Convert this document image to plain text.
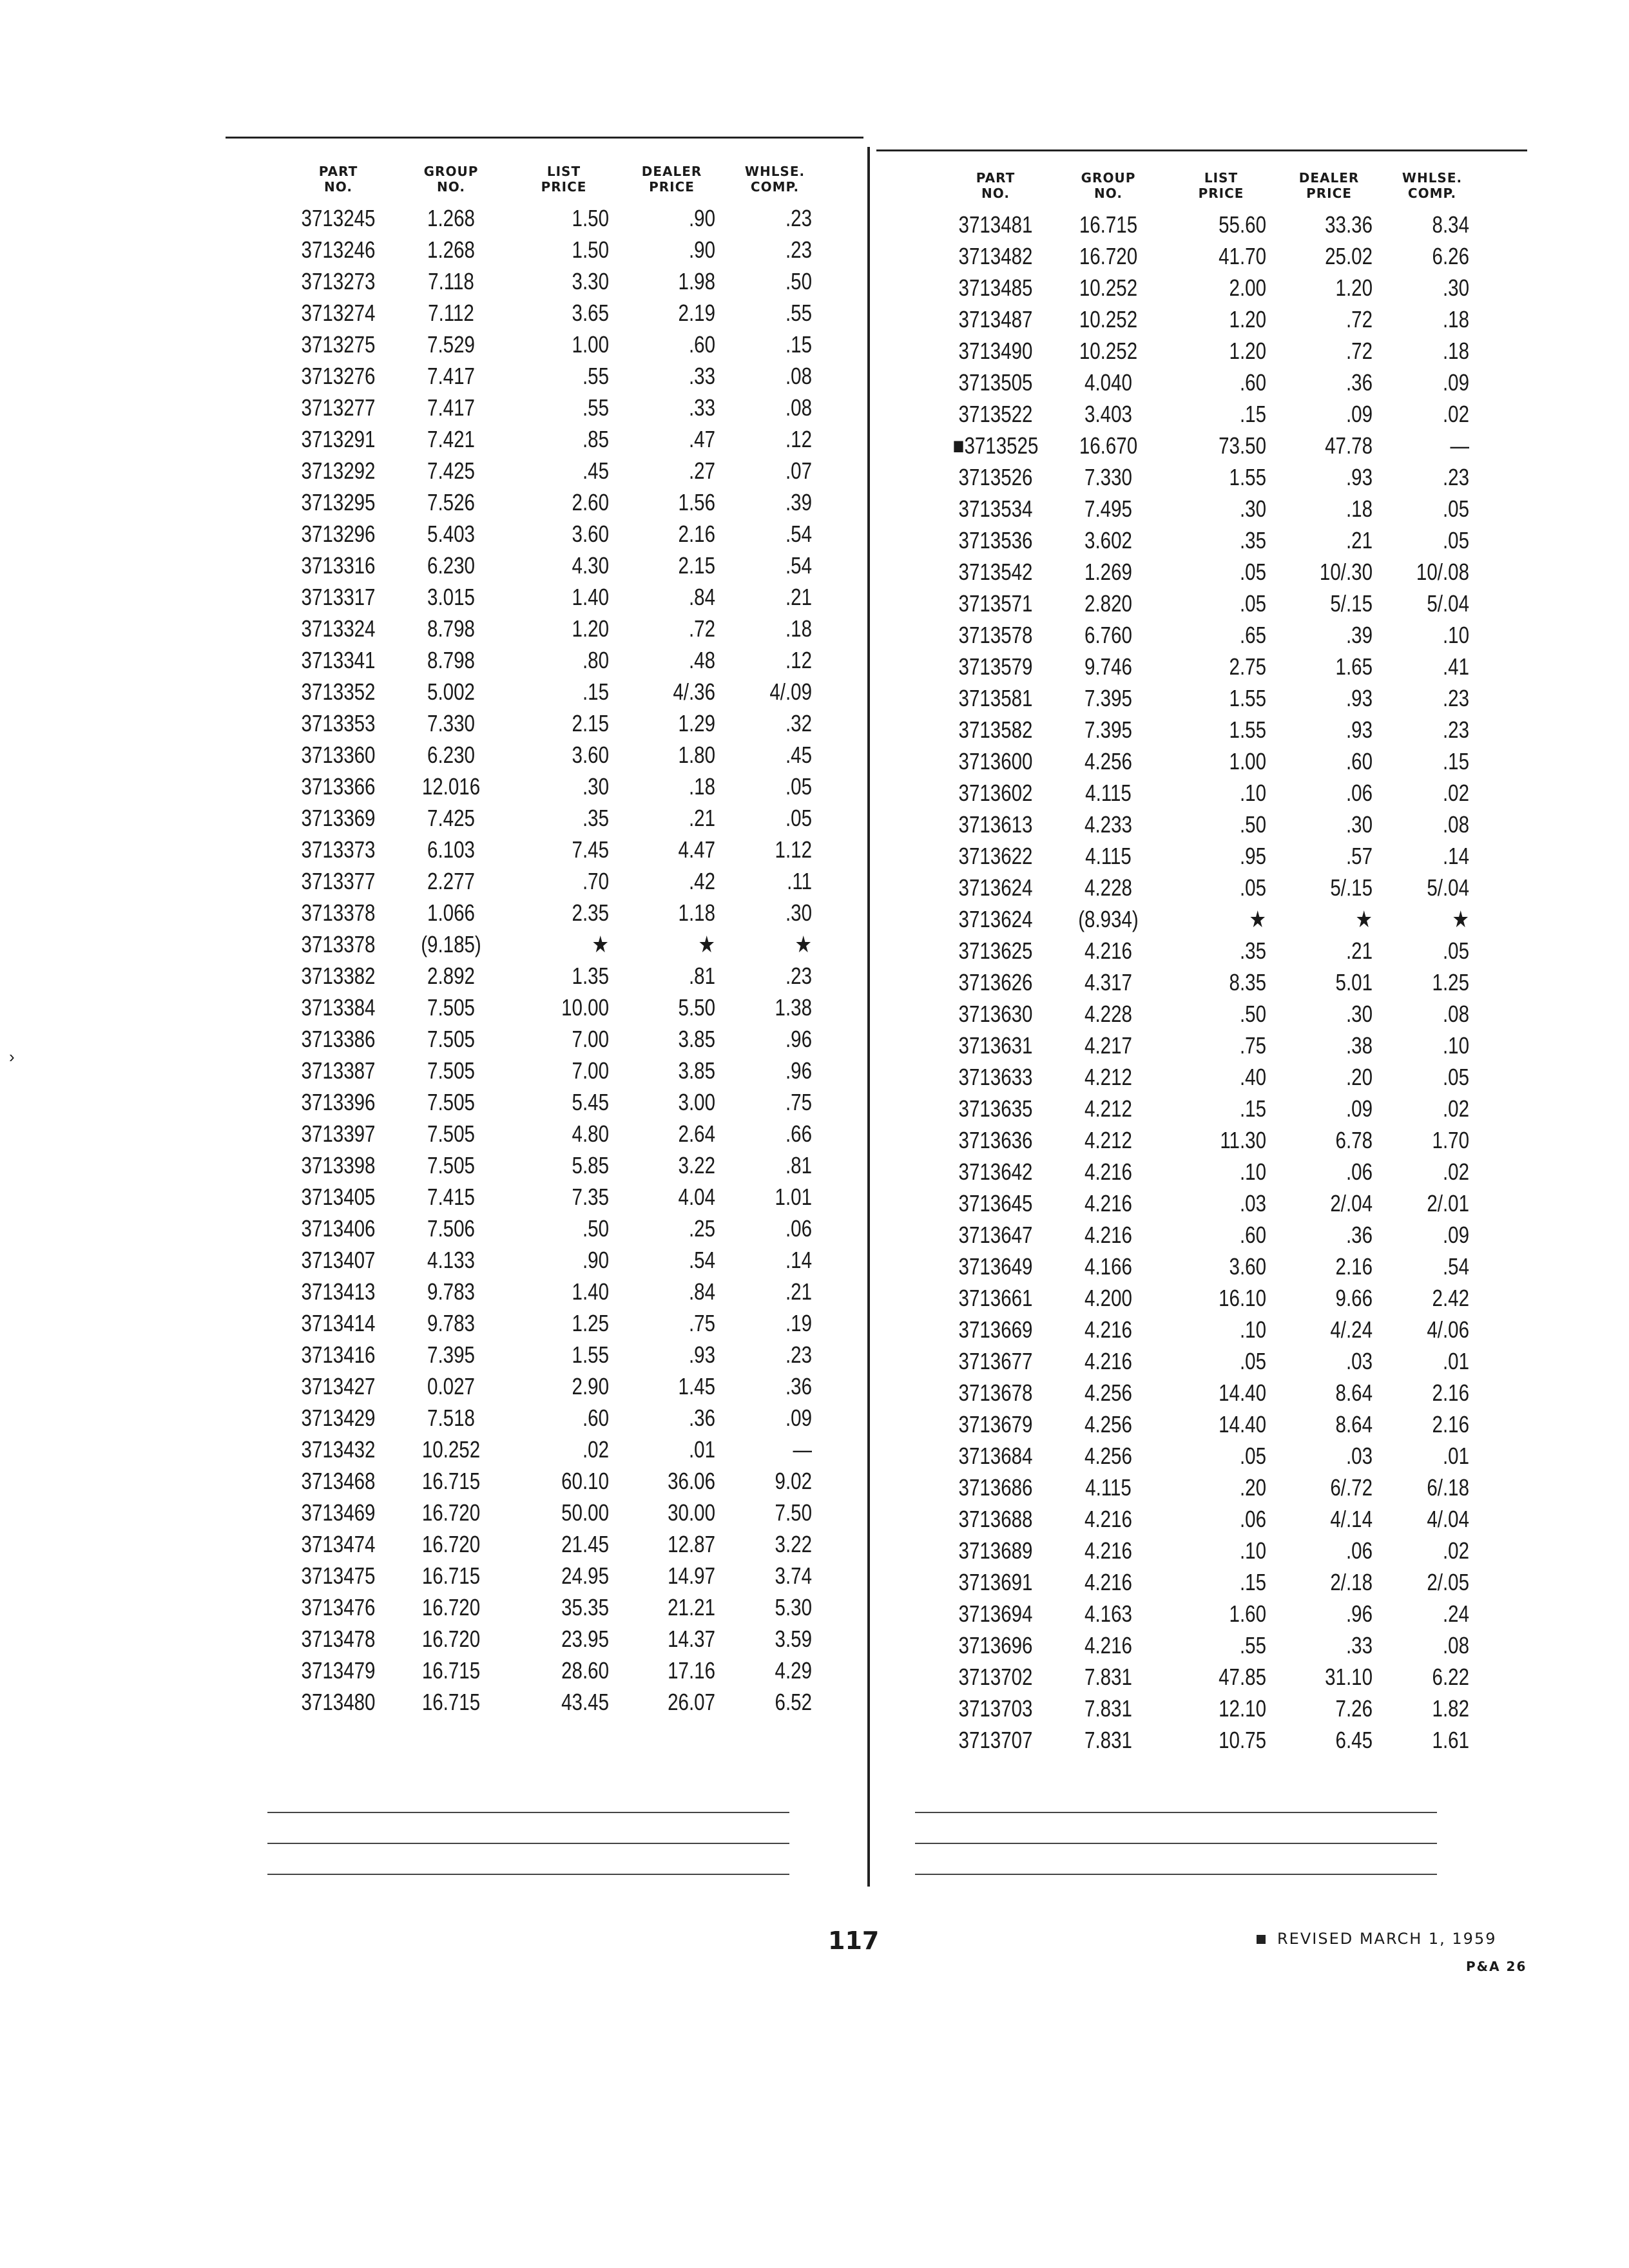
›
PART
NO.
GROUP
NO.
LIST
PRICE
DEALER
PRICE
WHLSE.
COMP.
3713245	1.268	1.50	.90	.23
3713246	1.268	1.50	.90	.23
3713273	7.118	3.30	1.98	.50
3713274	7.112	3.65	2.19	.55
3713275	7.529	1.00	.60	.15
3713276	7.417	.55	.33	.08
3713277	7.417	.55	.33	.08
3713291	7.421	.85	.47	.12
3713292	7.425	.45	.27	.07
3713295	7.526	2.60	1.56	.39
3713296	5.403	3.60	2.16	.54
3713316	6.230	4.30	2.15	.54
3713317	3.015	1.40	.84	.21
3713324	8.798	1.20	.72	.18
3713341	8.798	.80	.48	.12
3713352	5.002	.15	4/.36	4/.09
3713353	7.330	2.15	1.29	.32
3713360	6.230	3.60	1.80	.45
3713366	12.016	.30	.18	.05
3713369	7.425	.35	.21	.05
3713373	6.103	7.45	4.47	1.12
3713377	2.277	.70	.42	.11
3713378	1.066	2.35	1.18	.30
3713378	(9.185)	★	★	★
3713382	2.892	1.35	.81	.23
3713384	7.505	10.00	5.50	1.38
3713386	7.505	7.00	3.85	.96
3713387	7.505	7.00	3.85	.96
3713396	7.505	5.45	3.00	.75
3713397	7.505	4.80	2.64	.66
3713398	7.505	5.85	3.22	.81
3713405	7.415	7.35	4.04	1.01
3713406	7.506	.50	.25	.06
3713407	4.133	.90	.54	.14
3713413	9.783	1.40	.84	.21
3713414	9.783	1.25	.75	.19
3713416	7.395	1.55	.93	.23
3713427	0.027	2.90	1.45	.36
3713429	7.518	.60	.36	.09
3713432	10.252	.02	.01	—
3713468	16.715	60.10	36.06	9.02
3713469	16.720	50.00	30.00	7.50
3713474	16.720	21.45	12.87	3.22
3713475	16.715	24.95	14.97	3.74
3713476	16.720	35.35	21.21	5.30
3713478	16.720	23.95	14.37	3.59
3713479	16.715	28.60	17.16	4.29
3713480	16.715	43.45	26.07	6.52
PART
NO.
GROUP
NO.
LIST
PRICE
DEALER
PRICE
WHLSE.
COMP.
3713481	16.715	55.60	33.36	8.34
3713482	16.720	41.70	25.02	6.26
3713485	10.252	2.00	1.20	.30
3713487	10.252	1.20	.72	.18
3713490	10.252	1.20	.72	.18
3713505	4.040	.60	.36	.09
3713522	3.403	.15	.09	.02
■3713525	16.670	73.50	47.78	—
3713526	7.330	1.55	.93	.23
3713534	7.495	.30	.18	.05
3713536	3.602	.35	.21	.05
3713542	1.269	.05	10/.30	10/.08
3713571	2.820	.05	5/.15	5/.04
3713578	6.760	.65	.39	.10
3713579	9.746	2.75	1.65	.41
3713581	7.395	1.55	.93	.23
3713582	7.395	1.55	.93	.23
3713600	4.256	1.00	.60	.15
3713602	4.115	.10	.06	.02
3713613	4.233	.50	.30	.08
3713622	4.115	.95	.57	.14
3713624	4.228	.05	5/.15	5/.04
3713624	(8.934)	★	★	★
3713625	4.216	.35	.21	.05
3713626	4.317	8.35	5.01	1.25
3713630	4.228	.50	.30	.08
3713631	4.217	.75	.38	.10
3713633	4.212	.40	.20	.05
3713635	4.212	.15	.09	.02
3713636	4.212	11.30	6.78	1.70
3713642	4.216	.10	.06	.02
3713645	4.216	.03	2/.04	2/.01
3713647	4.216	.60	.36	.09
3713649	4.166	3.60	2.16	.54
3713661	4.200	16.10	9.66	2.42
3713669	4.216	.10	4/.24	4/.06
3713677	4.216	.05	.03	.01
3713678	4.256	14.40	8.64	2.16
3713679	4.256	14.40	8.64	2.16
3713684	4.256	.05	.03	.01
3713686	4.115	.20	6/.72	6/.18
3713688	4.216	.06	4/.14	4/.04
3713689	4.216	.10	.06	.02
3713691	4.216	.15	2/.18	2/.05
3713694	4.163	1.60	.96	.24
3713696	4.216	.55	.33	.08
3713702	7.831	47.85	31.10	6.22
3713703	7.831	12.10	7.26	1.82
3713707	7.831	10.75	6.45	1.61
117	REVISED MARCH 1, 1959
P&A 26
